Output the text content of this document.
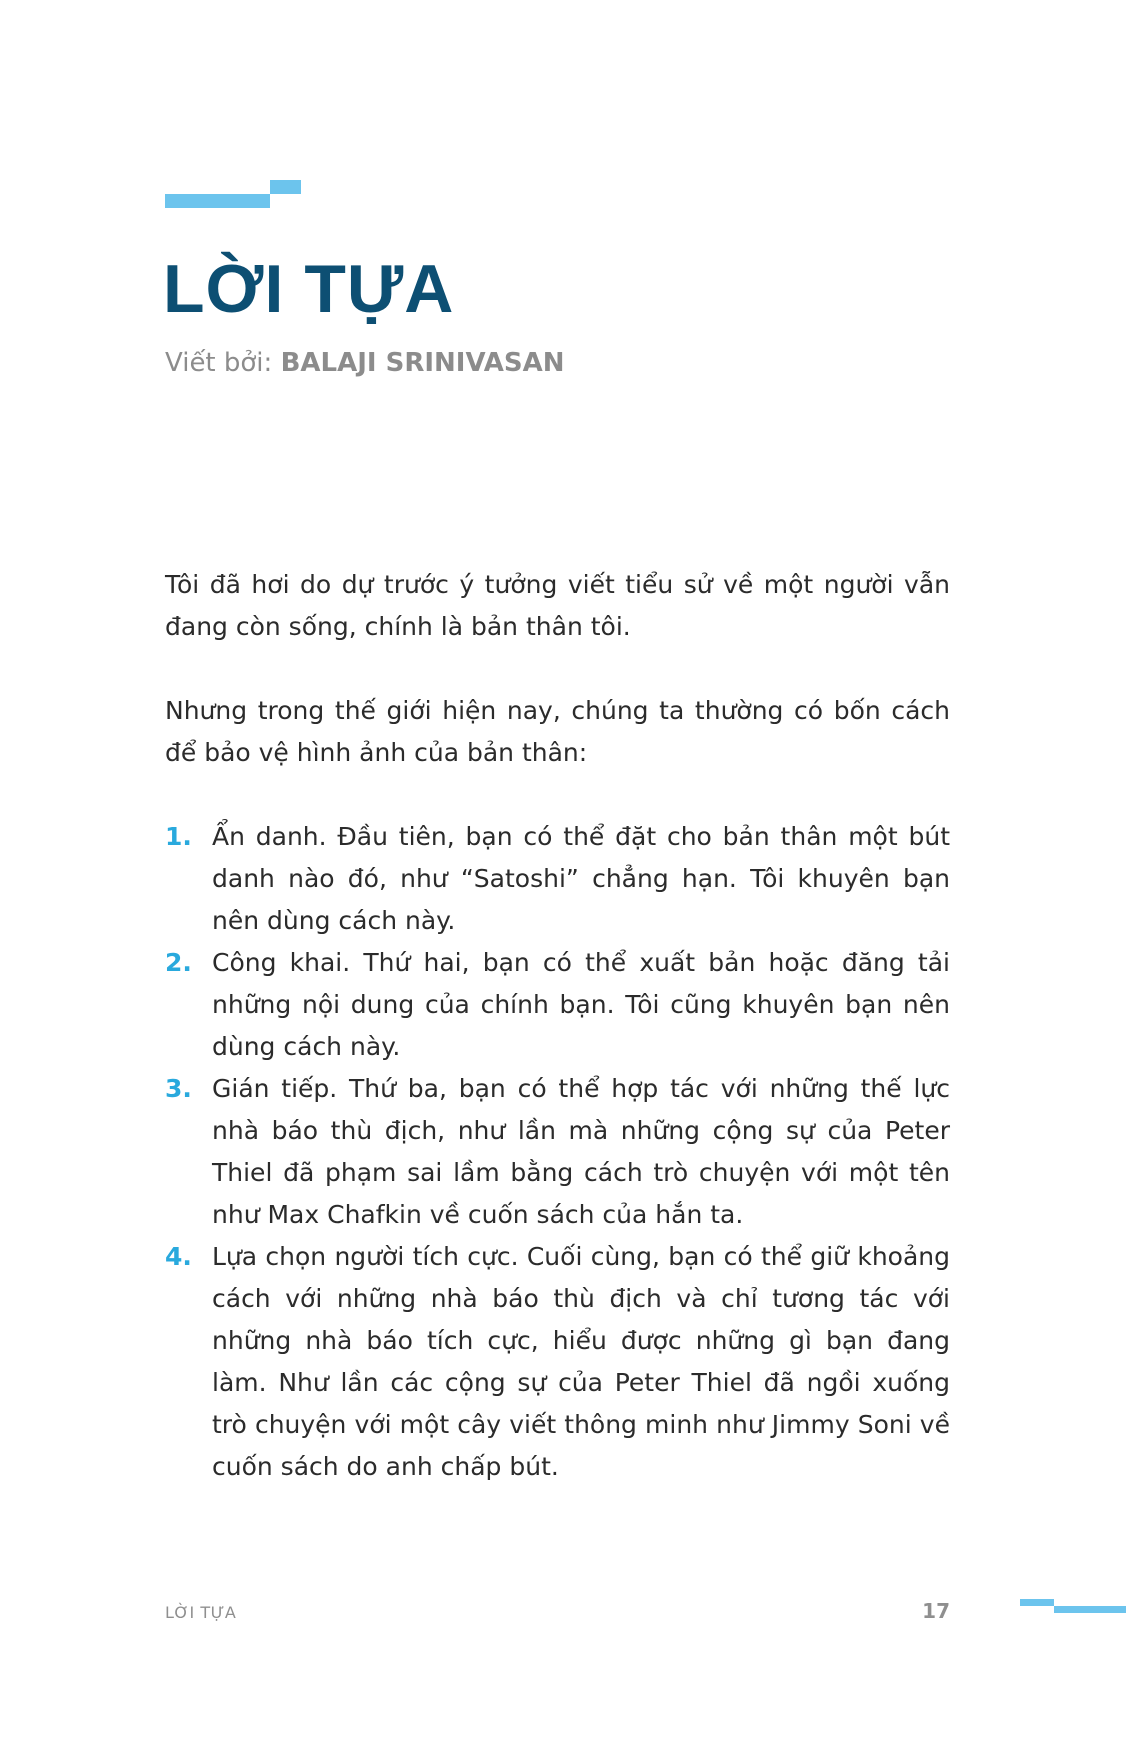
LỜI TỰA
Viết bởi: BALAJI SRINIVASAN

Tôi đã hơi do dự trước ý tưởng viết tiểu sử về một người vẫn đang còn sống, chính là bản thân tôi.

Nhưng trong thế giới hiện nay, chúng ta thường có bốn cách để bảo vệ hình ảnh của bản thân:

1. Ẩn danh. Đầu tiên, bạn có thể đặt cho bản thân một bút danh nào đó, như “Satoshi” chẳng hạn. Tôi khuyên bạn nên dùng cách này.
2. Công khai. Thứ hai, bạn có thể xuất bản hoặc đăng tải những nội dung của chính bạn. Tôi cũng khuyên bạn nên dùng cách này.
3. Gián tiếp. Thứ ba, bạn có thể hợp tác với những thế lực nhà báo thù địch, như lần mà những cộng sự của Peter Thiel đã phạm sai lầm bằng cách trò chuyện với một tên như Max Chafkin về cuốn sách của hắn ta.
4. Lựa chọn người tích cực. Cuối cùng, bạn có thể giữ khoảng cách với những nhà báo thù địch và chỉ tương tác với những nhà báo tích cực, hiểu được những gì bạn đang làm. Như lần các cộng sự của Peter Thiel đã ngồi xuống trò chuyện với một cây viết thông minh như Jimmy Soni về cuốn sách do anh chấp bút.
LỜI TỰA	17
